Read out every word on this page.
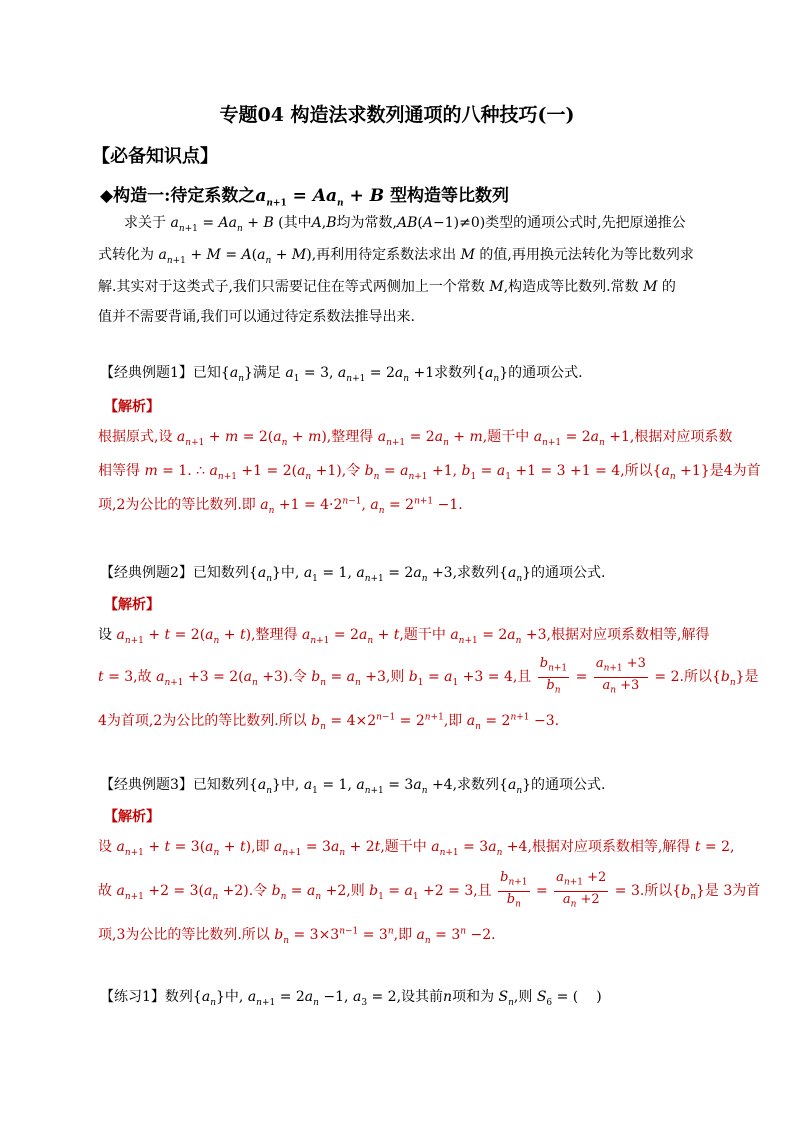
专题04 构造法求数列通项的八种技巧(一)
【必备知识点】
◆构造一:待定系数之$a_{n+1} = Aa_n + B$ 型构造等比数列
求关于 $a_{n+1} = Aa_n + B$ (其中A,B均为常数,AB(A−1)≠0)类型的通项公式时,先把原递推公
式转化为 $a_{n+1} + M = A(a_n + M)$,再利用待定系数法求出 M 的值,再用换元法转化为等比数列求
解.其实对于这类式子,我们只需要记住在等式两侧加上一个常数 M,构造成等比数列.常数 M 的
值并不需要背诵,我们可以通过待定系数法推导出来.
【经典例题1】已知$\{a_n\}$满足 $a_1 = 3$, $a_{n+1} = 2a_n +1$求数列$\{a_n\}$的通项公式.
【解析】
根据原式,设 $a_{n+1} + m = 2(a_n + m)$,整理得 $a_{n+1} = 2a_n + m$,题干中 $a_{n+1} = 2a_n +1$,根据对应项系数
相等得 m = 1. ∴ $a_{n+1} +1 = 2(a_n +1)$,令 $b_n = a_{n+1} +1$, $b_1 = a_1 +1 = 3 +1 = 4$,所以$\{a_n +1\}$是4为首
项,2为公比的等比数列.即 $a_n +1 = 4\cdot 2^{n-1}$, $a_n = 2^{n+1} -1$.
【经典例题2】已知数列$\{a_n\}$中, $a_1 = 1$, $a_{n+1} = 2a_n +3$,求数列$\{a_n\}$的通项公式.
【解析】
设 $a_{n+1} + t = 2(a_n + t)$,整理得 $a_{n+1} = 2a_n + t$,题干中 $a_{n+1} = 2a_n +3$,根据对应项系数相等,解得
t = 3,故 $a_{n+1} +3 = 2(a_n +3)$.令 $b_n = a_n +3$,则 $b_1 = a_1 +3 = 4$,且 $\frac{b_{n+1}}{b_n} = \frac{a_{n+1} +3}{a_n +3} = 2$.所以$\{b_n\}$是
4为首项,2为公比的等比数列.所以 $b_n = 4\times 2^{n-1} = 2^{n+1}$,即 $a_n = 2^{n+1} -3$.
【经典例题3】已知数列$\{a_n\}$中, $a_1 = 1$, $a_{n+1} = 3a_n +4$,求数列$\{a_n\}$的通项公式.
【解析】
设 $a_{n+1} + t = 3(a_n + t)$,即 $a_{n+1} = 3a_n + 2t$,题干中 $a_{n+1} = 3a_n +4$,根据对应项系数相等,解得 t = 2,
故 $a_{n+1} +2 = 3(a_n +2)$.令 $b_n = a_n +2$,则 $b_1 = a_1 +2 = 3$,且 $\frac{b_{n+1}}{b_n} = \frac{a_{n+1} +2}{a_n +2} = 3$.所以$\{b_n\}$是 3为首
项,3为公比的等比数列.所以 $b_n = 3\times 3^{n-1} = 3^n$,即 $a_n = 3^n -2$.
【练习1】数列$\{a_n\}$中, $a_{n+1} = 2a_n -1$, $a_3 = 2$,设其前n项和为 $S_n$,则 $S_6$ = ( )
